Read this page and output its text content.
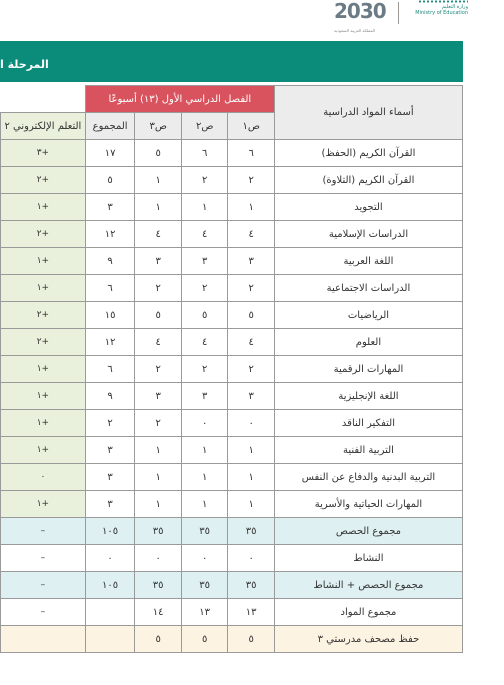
2030
المملكة العربية السعودية
وزارة التعليم
Ministry of Education
المرحلة ا
أسماء المواد الدراسية	الفصل الدراسي الأول (١٣) أسبوعًا				
	ص١	ص٢	ص٣	المجموع	التعلم الإلكتروني ٢
القرآن الكريم (الحفظ)	٦	٦	٥	١٧	+٣
القرآن الكريم (التلاوة)	٢	٢	١	٥	+٢
التجويد	١	١	١	٣	+١
الدراسات الإسلامية	٤	٤	٤	١٢	+٢
اللغة العربية	٣	٣	٣	٩	+١
الدراسات الاجتماعية	٢	٢	٢	٦	+١
الرياضيات	٥	٥	٥	١٥	+٢
العلوم	٤	٤	٤	١٢	+٢
المهارات الرقمية	٢	٢	٢	٦	+١
اللغة الإنجليزية	٣	٣	٣	٩	+١
التفكير الناقد	٠	٠	٢	٢	+١
التربية الفنية	١	١	١	٣	+١
التربية البدنية والدفاع عن النفس	١	١	١	٣	٠
المهارات الحياتية والأسرية	١	١	١	٣	+١
مجموع الحصص	٣٥	٣٥	٣٥	١٠٥	–
النشاط	٠	٠	٠	٠	–
مجموع الحصص + النشاط	٣٥	٣٥	٣٥	١٠٥	–
مجموع المواد	١٣	١٣	١٤		–
حفظ مصحف مدرستي ٣	٥	٥	٥		
